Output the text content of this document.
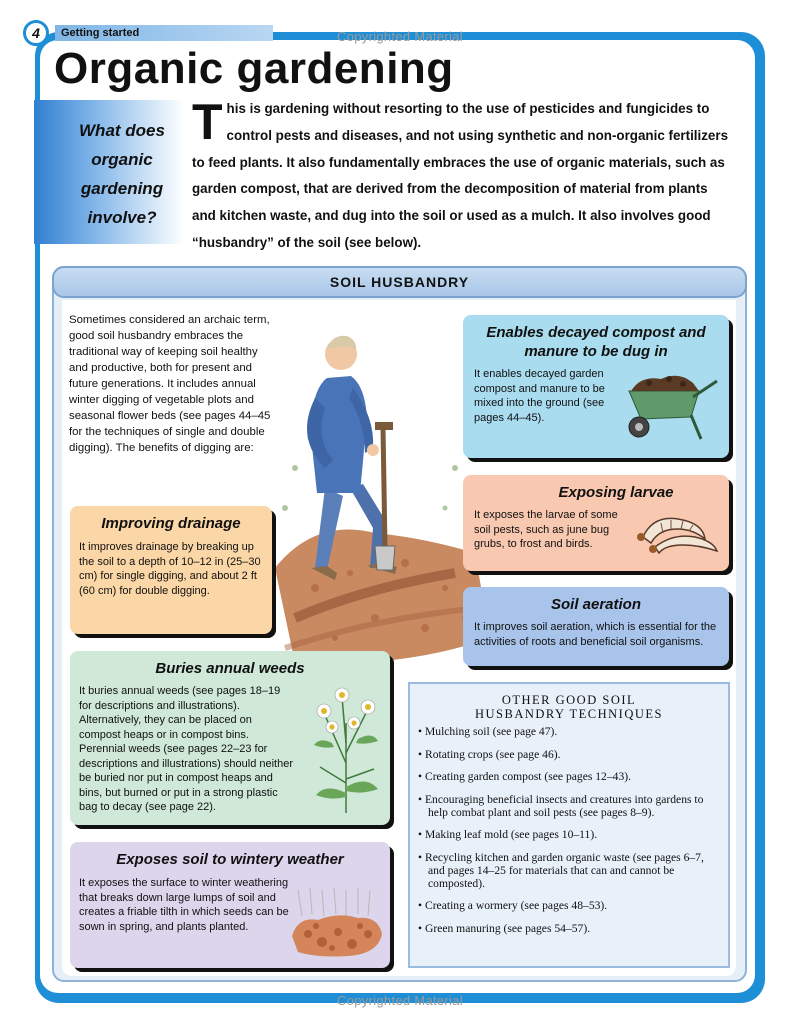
4	Getting started	Copyrighted Material
Organic gardening
What does
organic
gardening
involve?
This is gardening without resorting to the use of pesticides and fungicides to control pests and diseases, and not using synthetic and non-organic fertilizers to feed plants. It also fundamentally embraces the use of organic materials, such as garden compost, that are derived from the decomposition of material from plants and kitchen waste, and dug into the soil or used as a mulch. It also involves good “husbandry” of the soil (see below).
SOIL HUSBANDRY
Sometimes considered an archaic term, good soil husbandry embraces the traditional way of keeping soil healthy and productive, both for present and future generations. It includes annual winter digging of vegetable plots and seasonal flower beds (see pages 44–45 for the techniques of single and double digging). The benefits of digging are:
Enables decayed compost and manure to be dug in

It enables decayed garden compost and manure to be mixed into the ground (see pages 44–45).

Exposing larvae

It exposes the larvae of some soil pests, such as june bug grubs, to frost and birds.

Soil aeration

It improves soil aeration, which is essential for the activities of roots and beneficial soil organisms.

Improving drainage

It improves drainage by breaking up the soil to a depth of 10–12 in (25–30 cm) for single digging, and about 2 ft (60 cm) for double digging.

Buries annual weeds

It buries annual weeds (see pages 18–19 for descriptions and illustrations). Alternatively, they can be placed on compost heaps or in compost bins. Perennial weeds (see pages 22–23 for descriptions and illustrations) should neither be buried nor put in compost heaps and bins, but burned or put in a strong plastic bag to decay (see page 22).

Exposes soil to wintery weather

It exposes the surface to winter weathering that breaks down large lumps of soil and creates a friable tilth in which seeds can be sown in spring, and plants planted.

OTHER GOOD SOIL
HUSBANDRY TECHNIQUES
• Mulching soil (see page 47).
• Rotating crops (see page 46).
• Creating garden compost (see pages 12–43).
• Encouraging beneficial insects and creatures into gardens to help combat plant and soil pests (see pages 8–9).
• Making leaf mold (see pages 10–11).
• Recycling kitchen and garden organic waste (see pages 6–7, and pages 14–25 for materials that can and cannot be composted).
• Creating a wormery (see pages 48–53).
• Green manuring (see pages 54–57).
Copyrighted Material
